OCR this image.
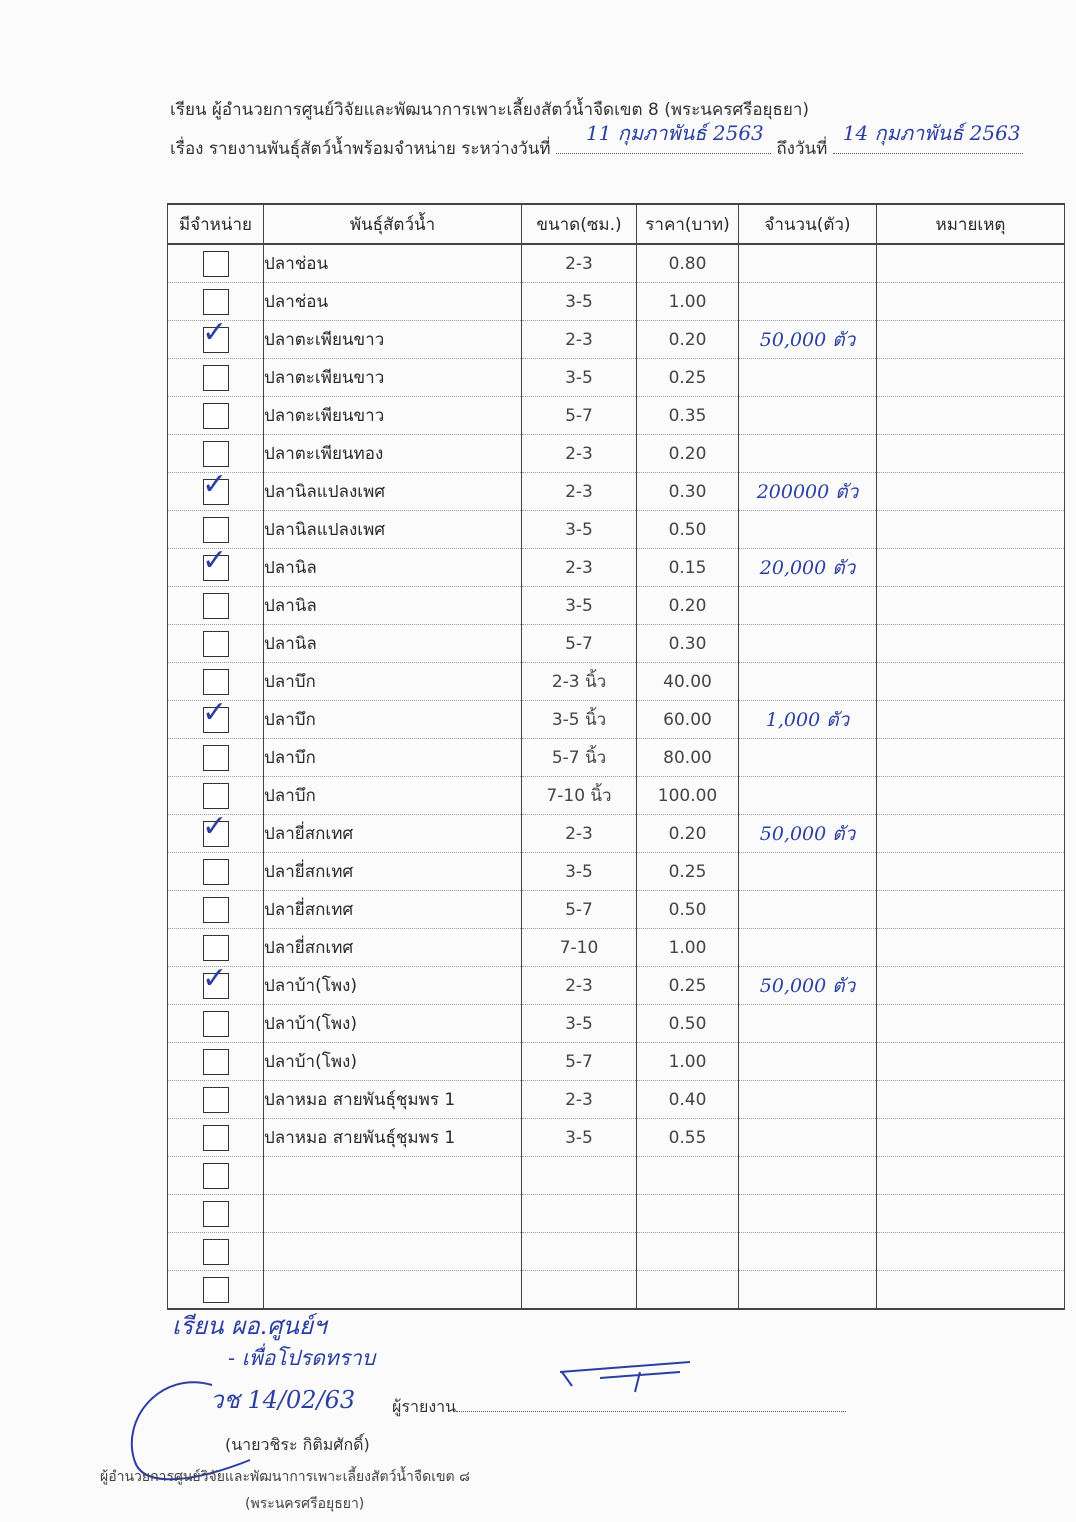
เรียน ผู้อำนวยการศูนย์วิจัยและพัฒนาการเพาะเลี้ยงสัตว์น้ำจืดเขต 8 (พระนครศรีอยุธยา)
เรื่อง รายงานพันธุ์สัตว์น้ำพร้อมจำหน่าย ระหว่างวันที่
11 กุมภาพันธ์ 2563
ถึงวันที่
14 กุมภาพันธ์ 2563
มีจำหน่าย	พันธุ์สัตว์น้ำ	ขนาด(ซม.)	ราคา(บาท)	จำนวน(ตัว)	หมายเหตุ
	ปลาช่อน	2-3	0.80		
	ปลาช่อน	3-5	1.00		

✓	ปลาตะเพียนขาว	2-3	0.20	50,000 ตัว	
	ปลาตะเพียนขาว	3-5	0.25		
	ปลาตะเพียนขาว	5-7	0.35		
	ปลาตะเพียนทอง	2-3	0.20		

✓	ปลานิลแปลงเพศ	2-3	0.30	200000 ตัว	
	ปลานิลแปลงเพศ	3-5	0.50		

✓	ปลานิล	2-3	0.15	20,000 ตัว	
	ปลานิล	3-5	0.20		
	ปลานิล	5-7	0.30		
	ปลาบึก	2-3 นิ้ว	40.00		

✓	ปลาบึก	3-5 นิ้ว	60.00	1,000 ตัว	
	ปลาบึก	5-7 นิ้ว	80.00		
	ปลาบึก	7-10 นิ้ว	100.00		

✓	ปลายี่สกเทศ	2-3	0.20	50,000 ตัว	
	ปลายี่สกเทศ	3-5	0.25		
	ปลายี่สกเทศ	5-7	0.50		
	ปลายี่สกเทศ	7-10	1.00		

✓	ปลาบ้า(โพง)	2-3	0.25	50,000 ตัว	
	ปลาบ้า(โพง)	3-5	0.50		
	ปลาบ้า(โพง)	5-7	1.00		
	ปลาหมอ สายพันธุ์ชุมพร 1	2-3	0.40		
	ปลาหมอ สายพันธุ์ชุมพร 1	3-5	0.55		

เรียน ผอ.ศูนย์ฯ
- เพื่อโปรดทราบ
วช 14/02/63 ผู้รายงาน
(นายวชิระ กิติมศักดิ์)
ผู้อำนวยการศูนย์วิจัยและพัฒนาการเพาะเลี้ยงสัตว์น้ำจืดเขต ๘
(พระนครศรีอยุธยา)
